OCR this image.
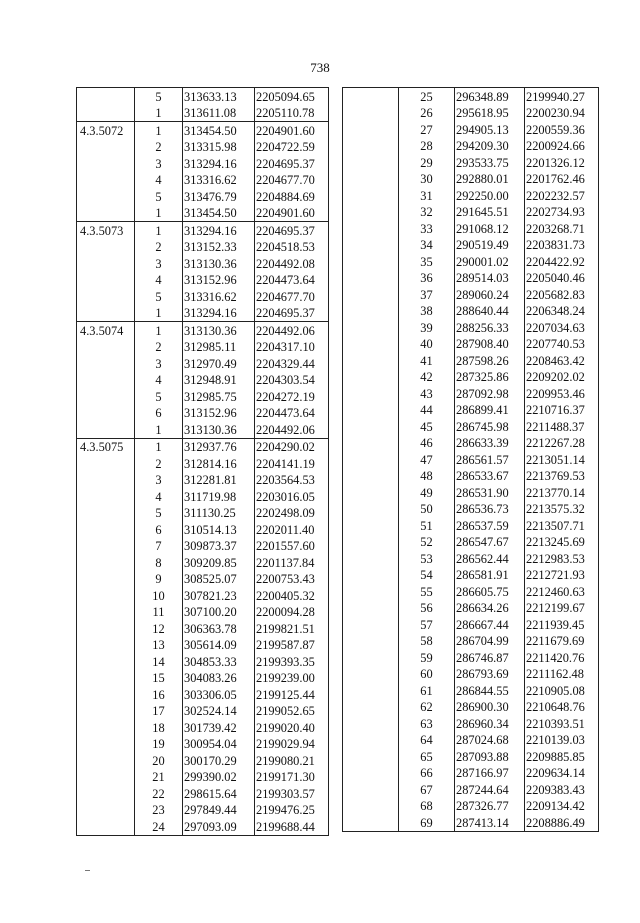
738
	5	313633.13	2205094.65
	1	313611.08	2205110.78
4.3.5072	1	313454.50	2204901.60
	2	313315.98	2204722.59
	3	313294.16	2204695.37
	4	313316.62	2204677.70
	5	313476.79	2204884.69
	1	313454.50	2204901.60
4.3.5073	1	313294.16	2204695.37
	2	313152.33	2204518.53
	3	313130.36	2204492.08
	4	313152.96	2204473.64
	5	313316.62	2204677.70
	1	313294.16	2204695.37
4.3.5074	1	313130.36	2204492.06
	2	312985.11	2204317.10
	3	312970.49	2204329.44
	4	312948.91	2204303.54
	5	312985.75	2204272.19
	6	313152.96	2204473.64
	1	313130.36	2204492.06
4.3.5075	1	312937.76	2204290.02
	2	312814.16	2204141.19
	3	312281.81	2203564.53
	4	311719.98	2203016.05
	5	311130.25	2202498.09
	6	310514.13	2202011.40
	7	309873.37	2201557.60
	8	309209.85	2201137.84
	9	308525.07	2200753.43
	10	307821.23	2200405.32
	11	307100.20	2200094.28
	12	306363.78	2199821.51
	13	305614.09	2199587.87
	14	304853.33	2199393.35
	15	304083.26	2199239.00
	16	303306.05	2199125.44
	17	302524.14	2199052.65
	18	301739.42	2199020.40
	19	300954.04	2199029.94
	20	300170.29	2199080.21
	21	299390.02	2199171.30
	22	298615.64	2199303.57
	23	297849.44	2199476.25
	24	297093.09	2199688.44
	25	296348.89	2199940.27
	26	295618.95	2200230.94
	27	294905.13	2200559.36
	28	294209.30	2200924.66
	29	293533.75	2201326.12
	30	292880.01	2201762.46
	31	292250.00	2202232.57
	32	291645.51	2202734.93
	33	291068.12	2203268.71
	34	290519.49	2203831.73
	35	290001.02	2204422.92
	36	289514.03	2205040.46
	37	289060.24	2205682.83
	38	288640.44	2206348.24
	39	288256.33	2207034.63
	40	287908.40	2207740.53
	41	287598.26	2208463.42
	42	287325.86	2209202.02
	43	287092.98	2209953.46
	44	286899.41	2210716.37
	45	286745.98	2211488.37
	46	286633.39	2212267.28
	47	286561.57	2213051.14
	48	286533.67	2213769.53
	49	286531.90	2213770.14
	50	286536.73	2213575.32
	51	286537.59	2213507.71
	52	286547.67	2213245.69
	53	286562.44	2212983.53
	54	286581.91	2212721.93
	55	286605.75	2212460.63
	56	286634.26	2212199.67
	57	286667.44	2211939.45
	58	286704.99	2211679.69
	59	286746.87	2211420.76
	60	286793.69	2211162.48
	61	286844.55	2210905.08
	62	286900.30	2210648.76
	63	286960.34	2210393.51
	64	287024.68	2210139.03
	65	287093.88	2209885.85
	66	287166.97	2209634.14
	67	287244.64	2209383.43
	68	287326.77	2209134.42
	69	287413.14	2208886.49
